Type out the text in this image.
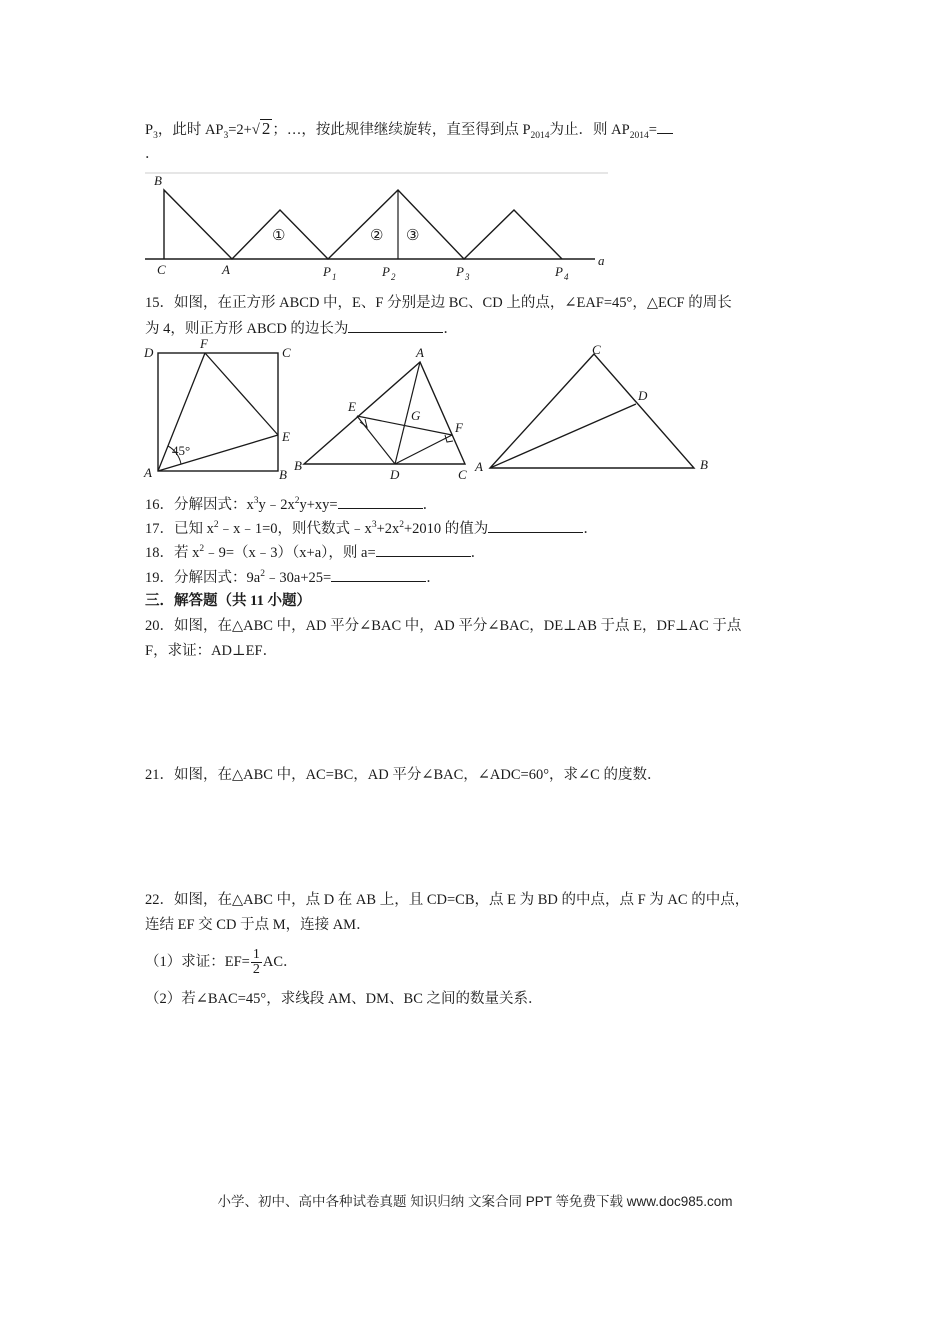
$P_3$，此时 $AP_3=2+√$ 2 ；…，按此规律继续旋转，直至得到点 $P_{2014}$为止．则 $AP_{2014}=$
．
B
C	A	P 1	P 2	P 3	P 4
a
①	② ③
15．如图，在正方形 ABCD 中，E、F 分别是边 BC、CD 上的点，∠EAF=45°，△ECF 的周长
为 4，则正方形 ABCD 的边长为	．
D
F
C
E
A	B
45°
A
E
G
F
B
D	C
C
D
A	B
16．分解因式：$x^3y﹣2x^2y+xy=$	．
17．已知 $x^2﹣x﹣1=0$，则代数式$﹣x^3+2x^2+2010$ 的值为	．
18．若 $x^2﹣9=(x﹣3)(x+a)$，则 a=	．
19．分解因式：$9a^2﹣30a+25=$	．
三．解答题（共 11 小题）
20．如图，在△ABC 中，AD 平分∠BAC 中，AD 平分∠BAC，DE⊥AB 于点 E，DF⊥AC 于点
F，求证：AD⊥EF．
21．如图，在△ABC 中，AC=BC，AD 平分∠BAC，∠ADC=60°，求∠C 的度数．
22．如图，在△ABC 中，点 D 在 AB 上，且 CD=CB，点 E 为 BD 的中点，点 F 为 AC 的中点，
连结 EF 交 CD 于点 M，连接 AM．
（1）求证：$EF= \frac{1}{2}$ AC．
（2）若∠BAC=45°，求线段 AM、DM、BC 之间的数量关系．
小学、初中、高中各种试卷真题 知识归纳 文案合同 PPT 等免费下载 www.doc985.com
